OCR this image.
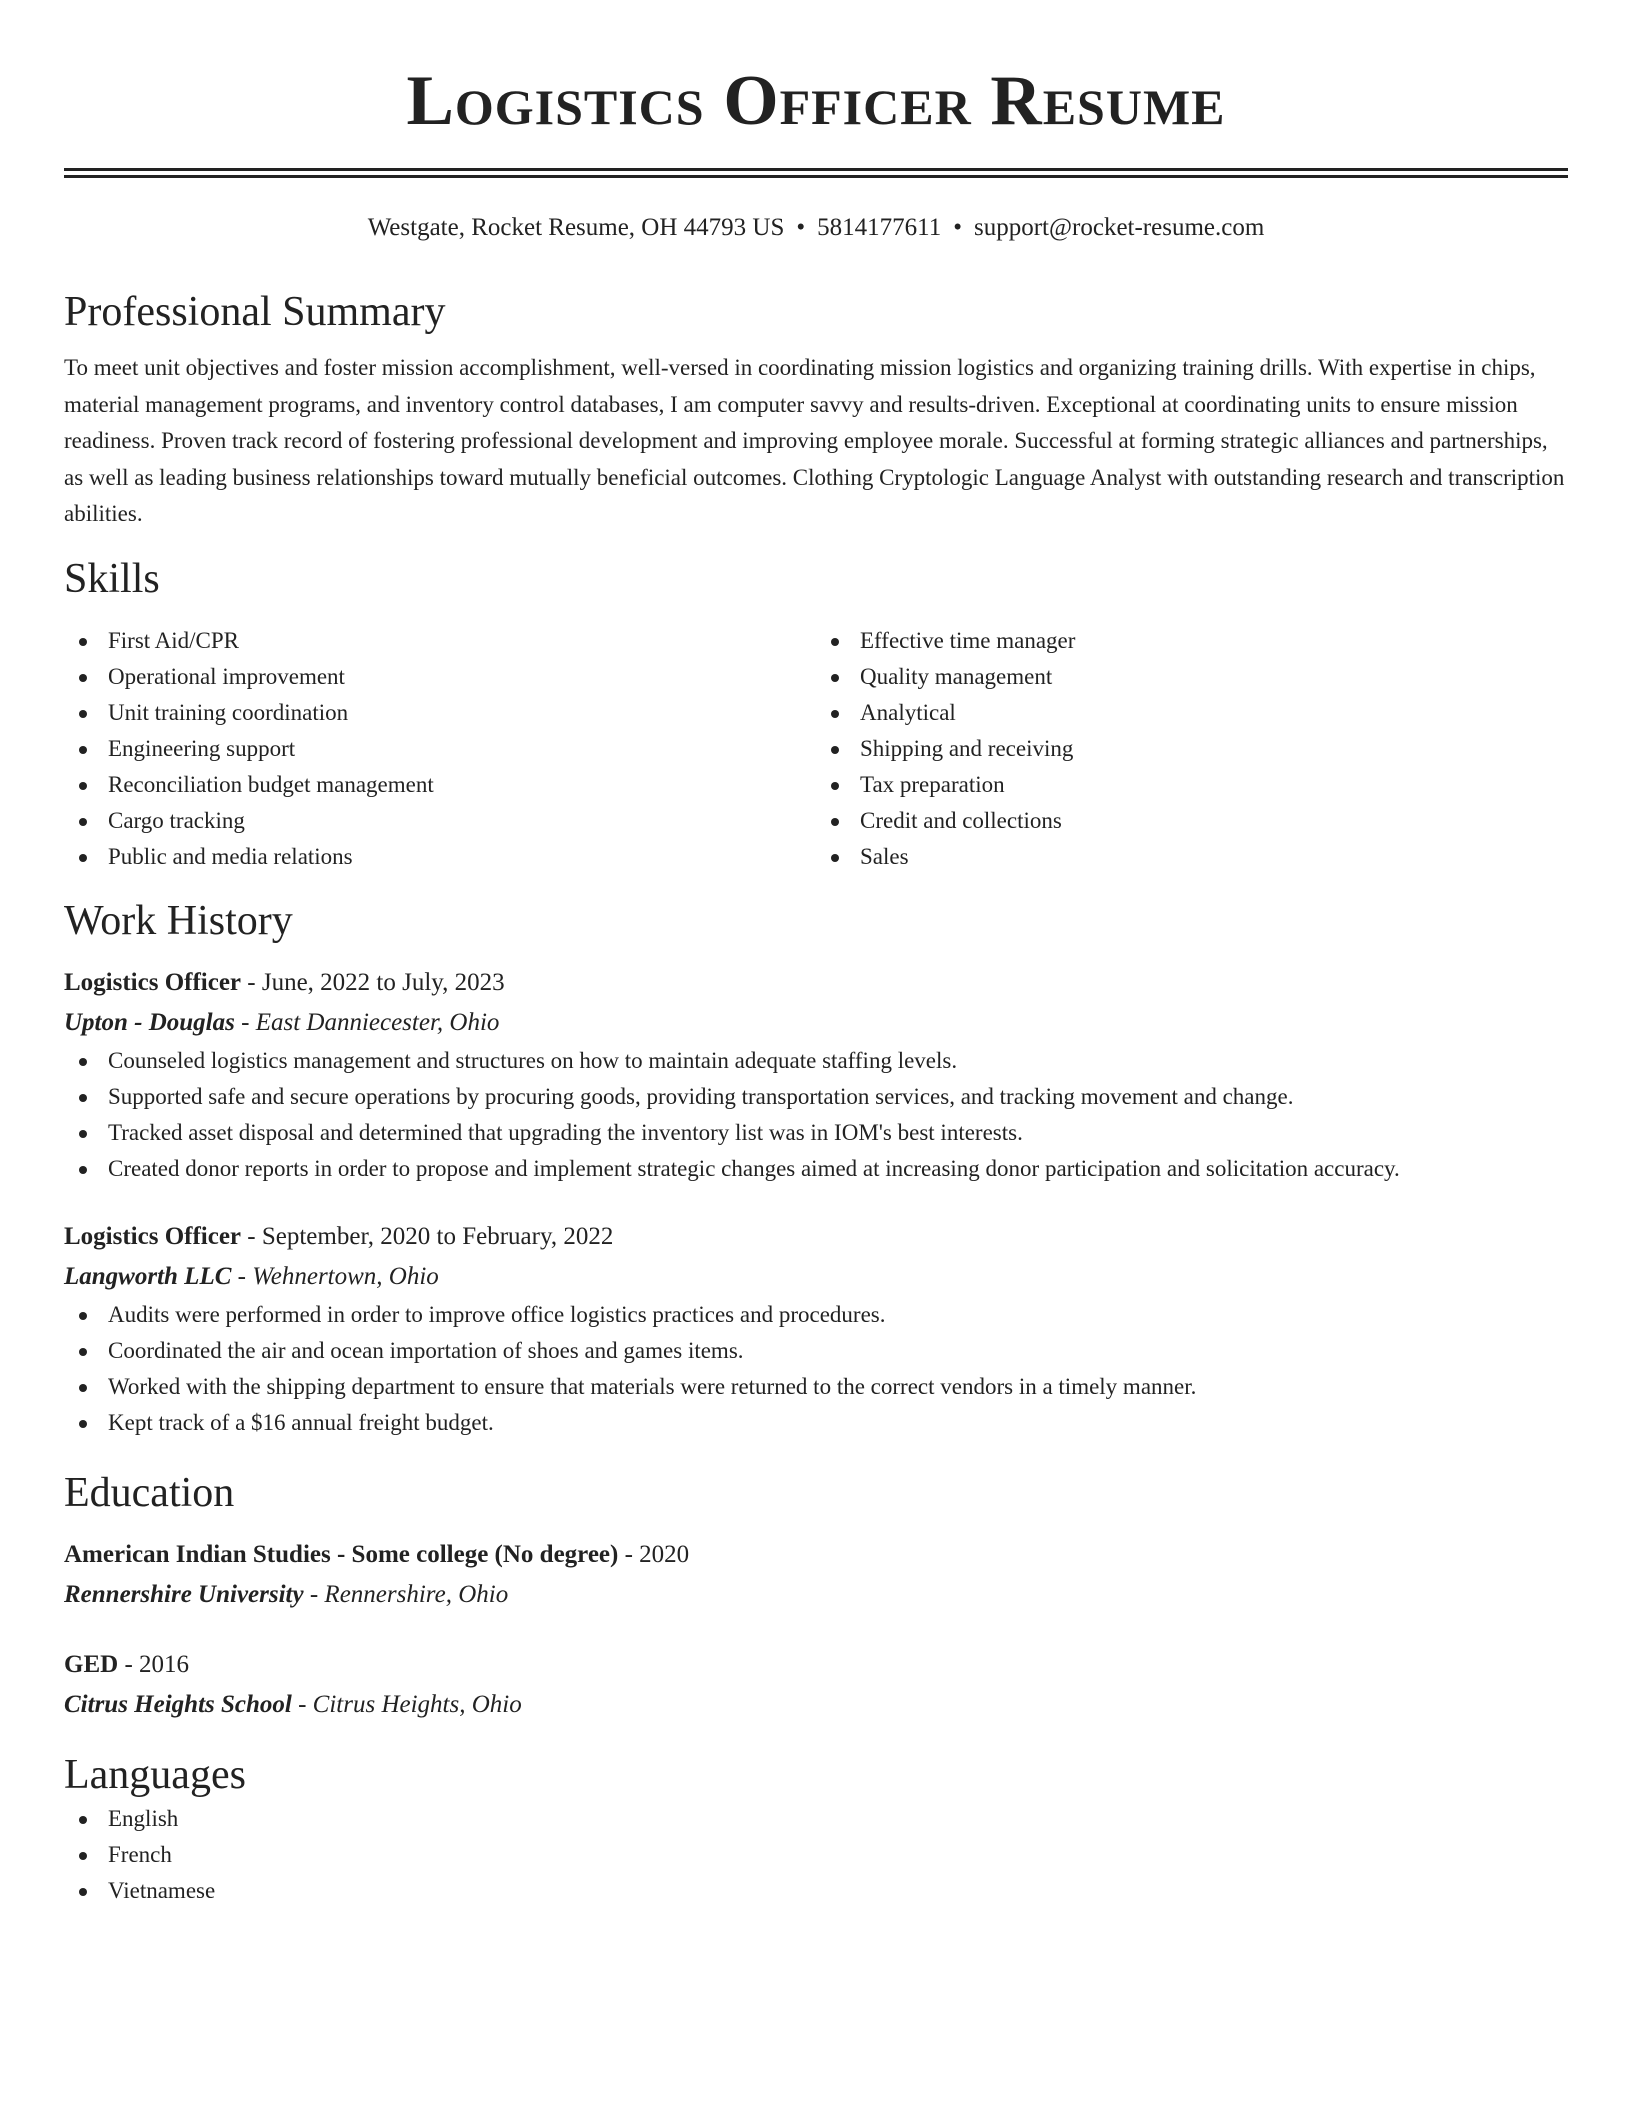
Logistics Officer Resume
Westgate, Rocket Resume, OH 44793 US • 5814177611 • support@rocket-resume.com
Professional Summary

To meet unit objectives and foster mission accomplishment, well-versed in coordinating mission logistics and organizing training drills. With expertise in chips, material management programs, and inventory control databases, I am computer savvy and results-driven. Exceptional at coordinating units to ensure mission readiness. Proven track record of fostering professional development and improving employee morale. Successful at forming strategic alliances and partnerships, as well as leading business relationships toward mutually beneficial outcomes. Clothing Cryptologic Language Analyst with outstanding research and transcription abilities.

Skills
First Aid/CPR
Operational improvement
Unit training coordination
Engineering support
Reconciliation budget management
Cargo tracking
Public and media relations
Effective time manager
Quality management
Analytical
Shipping and receiving
Tax preparation
Credit and collections
Sales
Work History

Logistics Officer - June, 2022 to July, 2023

Upton - Douglas - East Danniecester, Ohio

Counseled logistics management and structures on how to maintain adequate staffing levels.
Supported safe and secure operations by procuring goods, providing transportation services, and tracking movement and change.
Tracked asset disposal and determined that upgrading the inventory list was in IOM's best interests.
Created donor reports in order to propose and implement strategic changes aimed at increasing donor participation and solicitation accuracy.

Logistics Officer - September, 2020 to February, 2022

Langworth LLC - Wehnertown, Ohio

Audits were performed in order to improve office logistics practices and procedures.
Coordinated the air and ocean importation of shoes and games items.
Worked with the shipping department to ensure that materials were returned to the correct vendors in a timely manner.
Kept track of a $16 annual freight budget.
Education

American Indian Studies - Some college (No degree) - 2020

Rennershire University - Rennershire, Ohio

GED - 2016

Citrus Heights School - Citrus Heights, Ohio

Languages
English
French
Vietnamese
